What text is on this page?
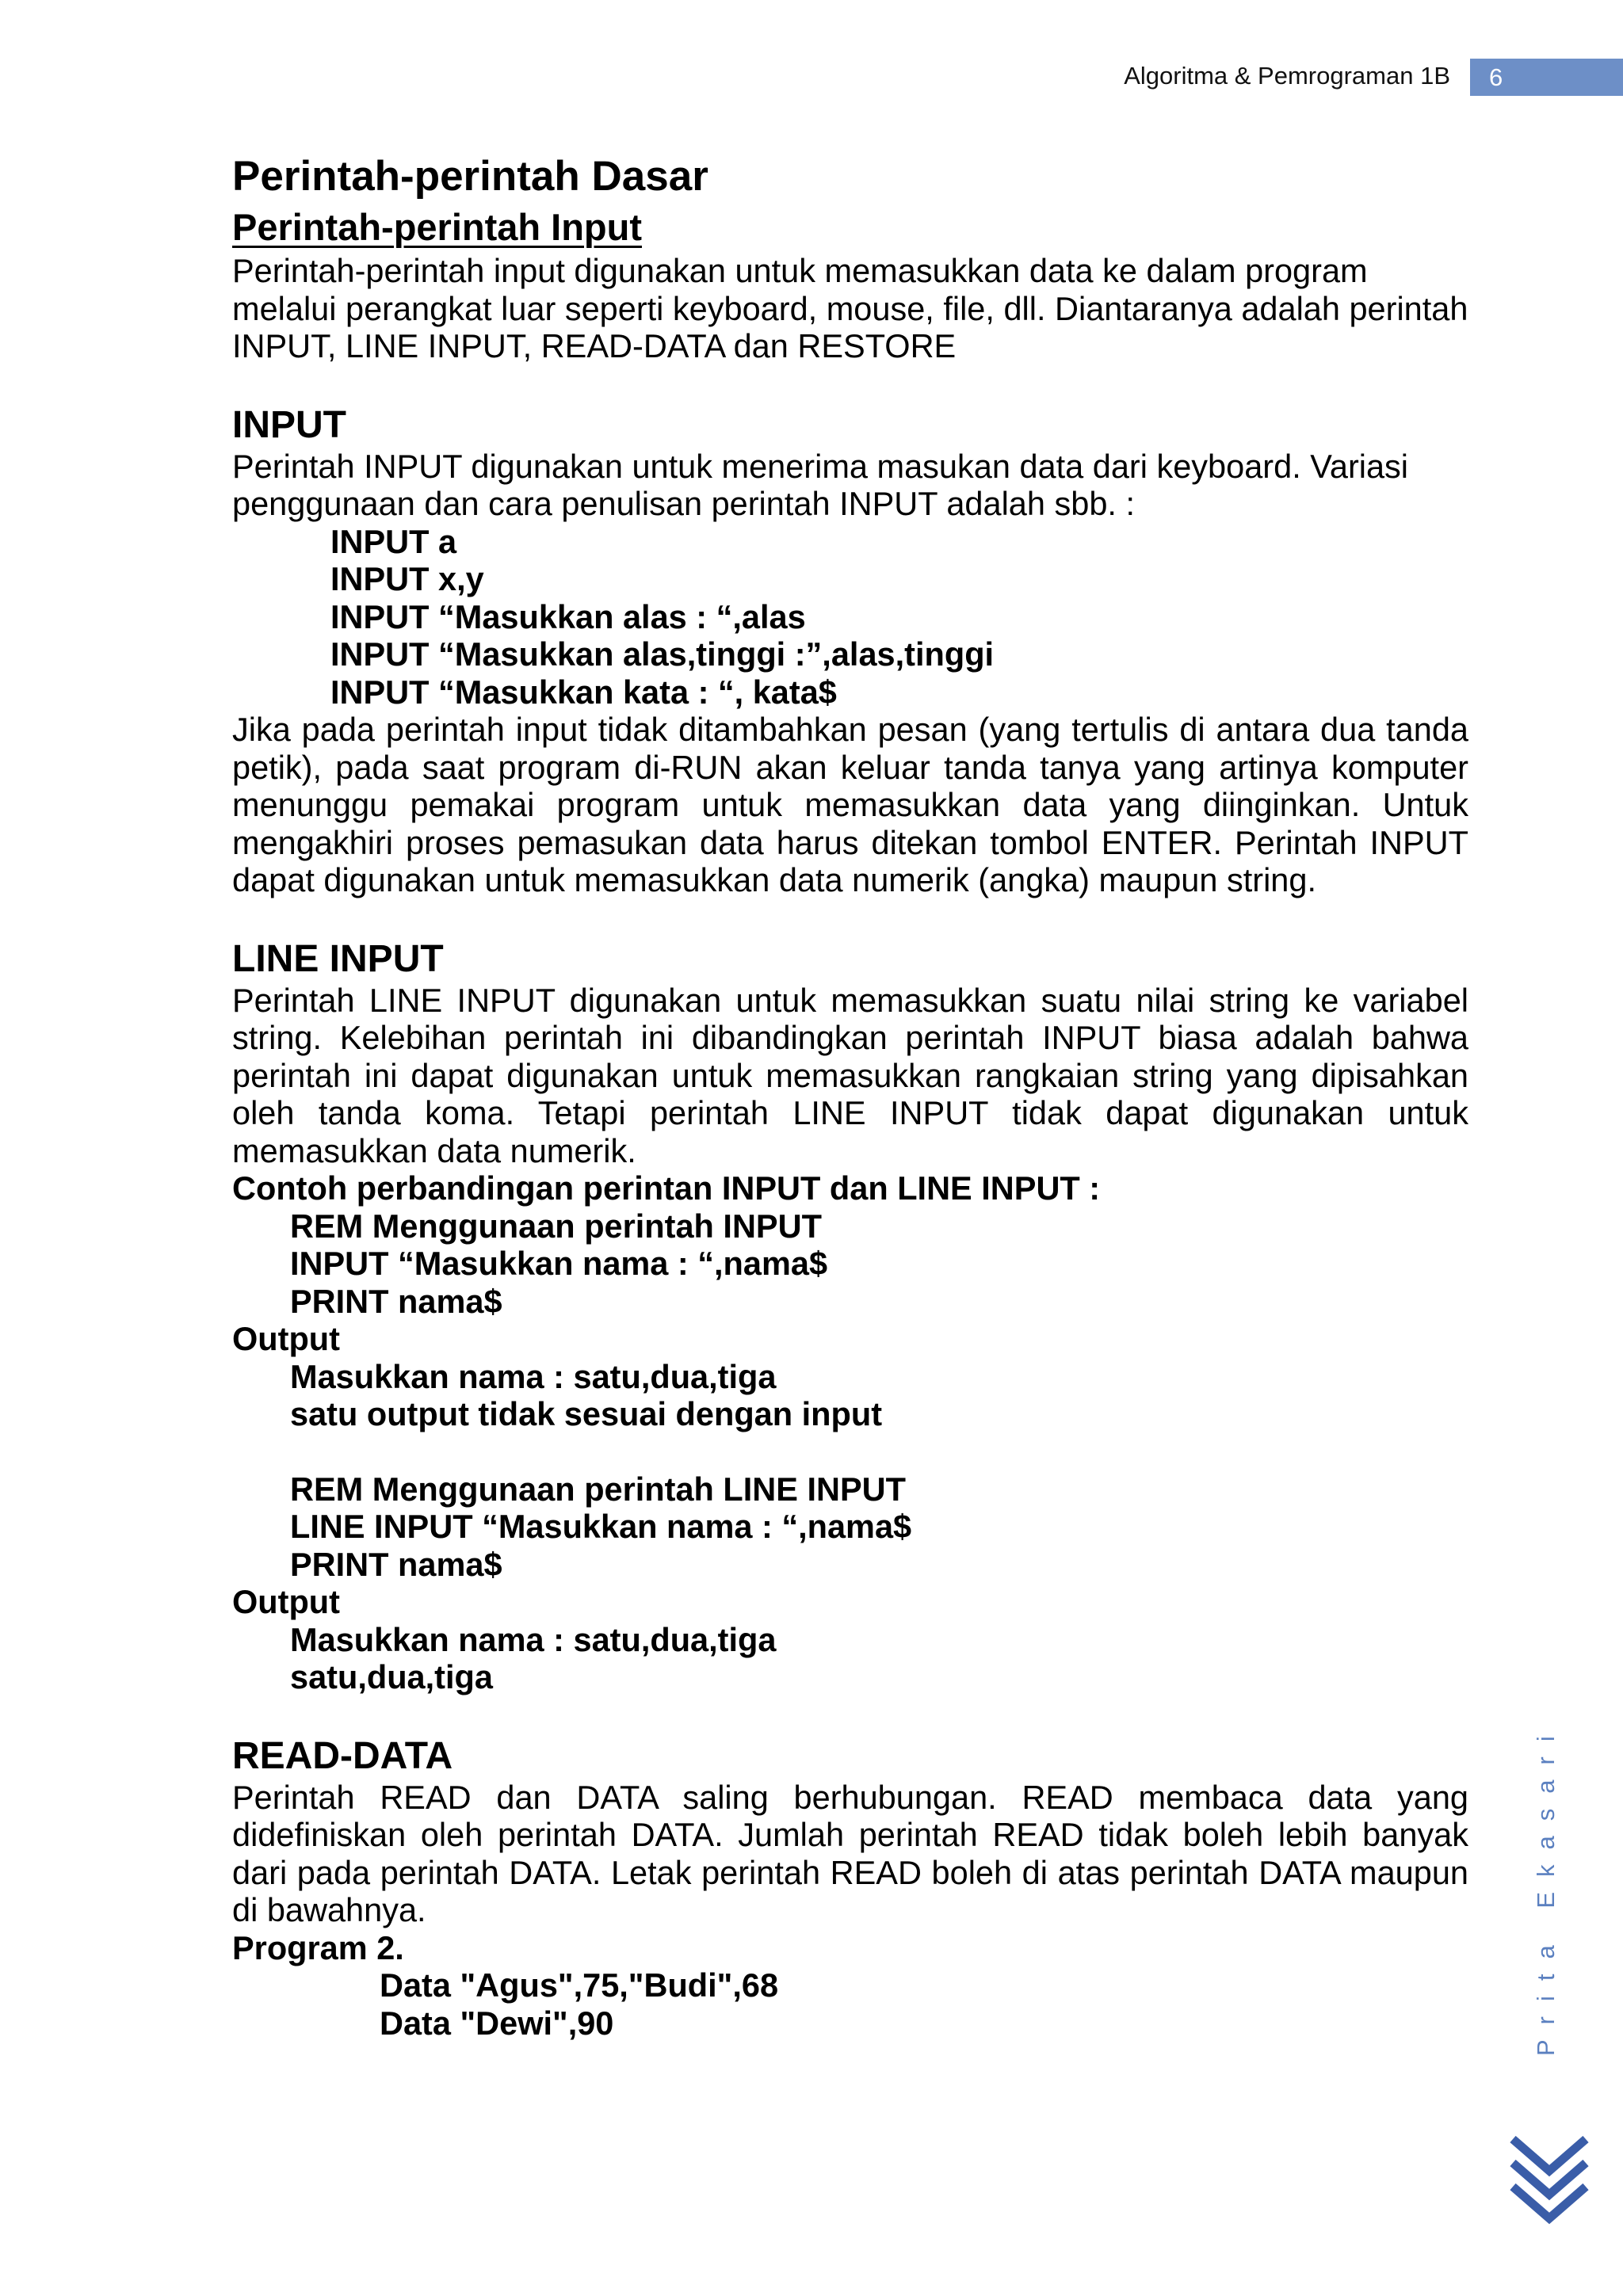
Algoritma & Pemrograman 1B	6
Perintah-perintah Dasar
Perintah-perintah Input
Perintah-perintah input digunakan untuk memasukkan data ke dalam program
melalui perangkat luar seperti keyboard, mouse, file, dll. Diantaranya adalah perintah
INPUT, LINE INPUT, READ-DATA dan RESTORE
INPUT
Perintah INPUT digunakan untuk menerima masukan data dari keyboard. Variasi
penggunaan dan cara penulisan perintah INPUT adalah sbb. :
INPUT a
INPUT x,y
INPUT “Masukkan alas : “,alas
INPUT “Masukkan alas,tinggi :”,alas,tinggi
INPUT “Masukkan kata : “, kata$
Jika pada perintah input tidak ditambahkan pesan (yang tertulis di antara dua tanda
petik), pada saat program di-RUN akan keluar tanda tanya yang artinya komputer
menunggu pemakai program untuk memasukkan data yang diinginkan. Untuk
mengakhiri proses pemasukan data harus ditekan tombol ENTER. Perintah INPUT
dapat digunakan untuk memasukkan data numerik (angka) maupun string.
LINE INPUT
Perintah LINE INPUT digunakan untuk memasukkan suatu nilai string ke variabel
string. Kelebihan perintah ini dibandingkan perintah INPUT biasa adalah bahwa
perintah ini dapat digunakan untuk memasukkan rangkaian string yang dipisahkan
oleh tanda koma. Tetapi perintah LINE INPUT tidak dapat digunakan untuk
memasukkan data numerik.
Contoh perbandingan perintan INPUT dan LINE INPUT :
REM Menggunaan perintah INPUT
INPUT “Masukkan nama : “,nama$
PRINT nama$
Output
Masukkan nama : satu,dua,tiga
satu output tidak sesuai dengan input
REM Menggunaan perintah LINE INPUT
LINE INPUT “Masukkan nama : “,nama$
PRINT nama$
Output
Masukkan nama : satu,dua,tiga
satu,dua,tiga
READ-DATA
Perintah READ dan DATA saling berhubungan. READ membaca data yang
didefiniskan oleh perintah DATA. Jumlah perintah READ tidak boleh lebih banyak
dari pada perintah DATA. Letak perintah READ boleh di atas perintah DATA maupun
di bawahnya.
Program 2.
Data "Agus",75,"Budi",68
Data "Dewi",90	Prita Ekasari
